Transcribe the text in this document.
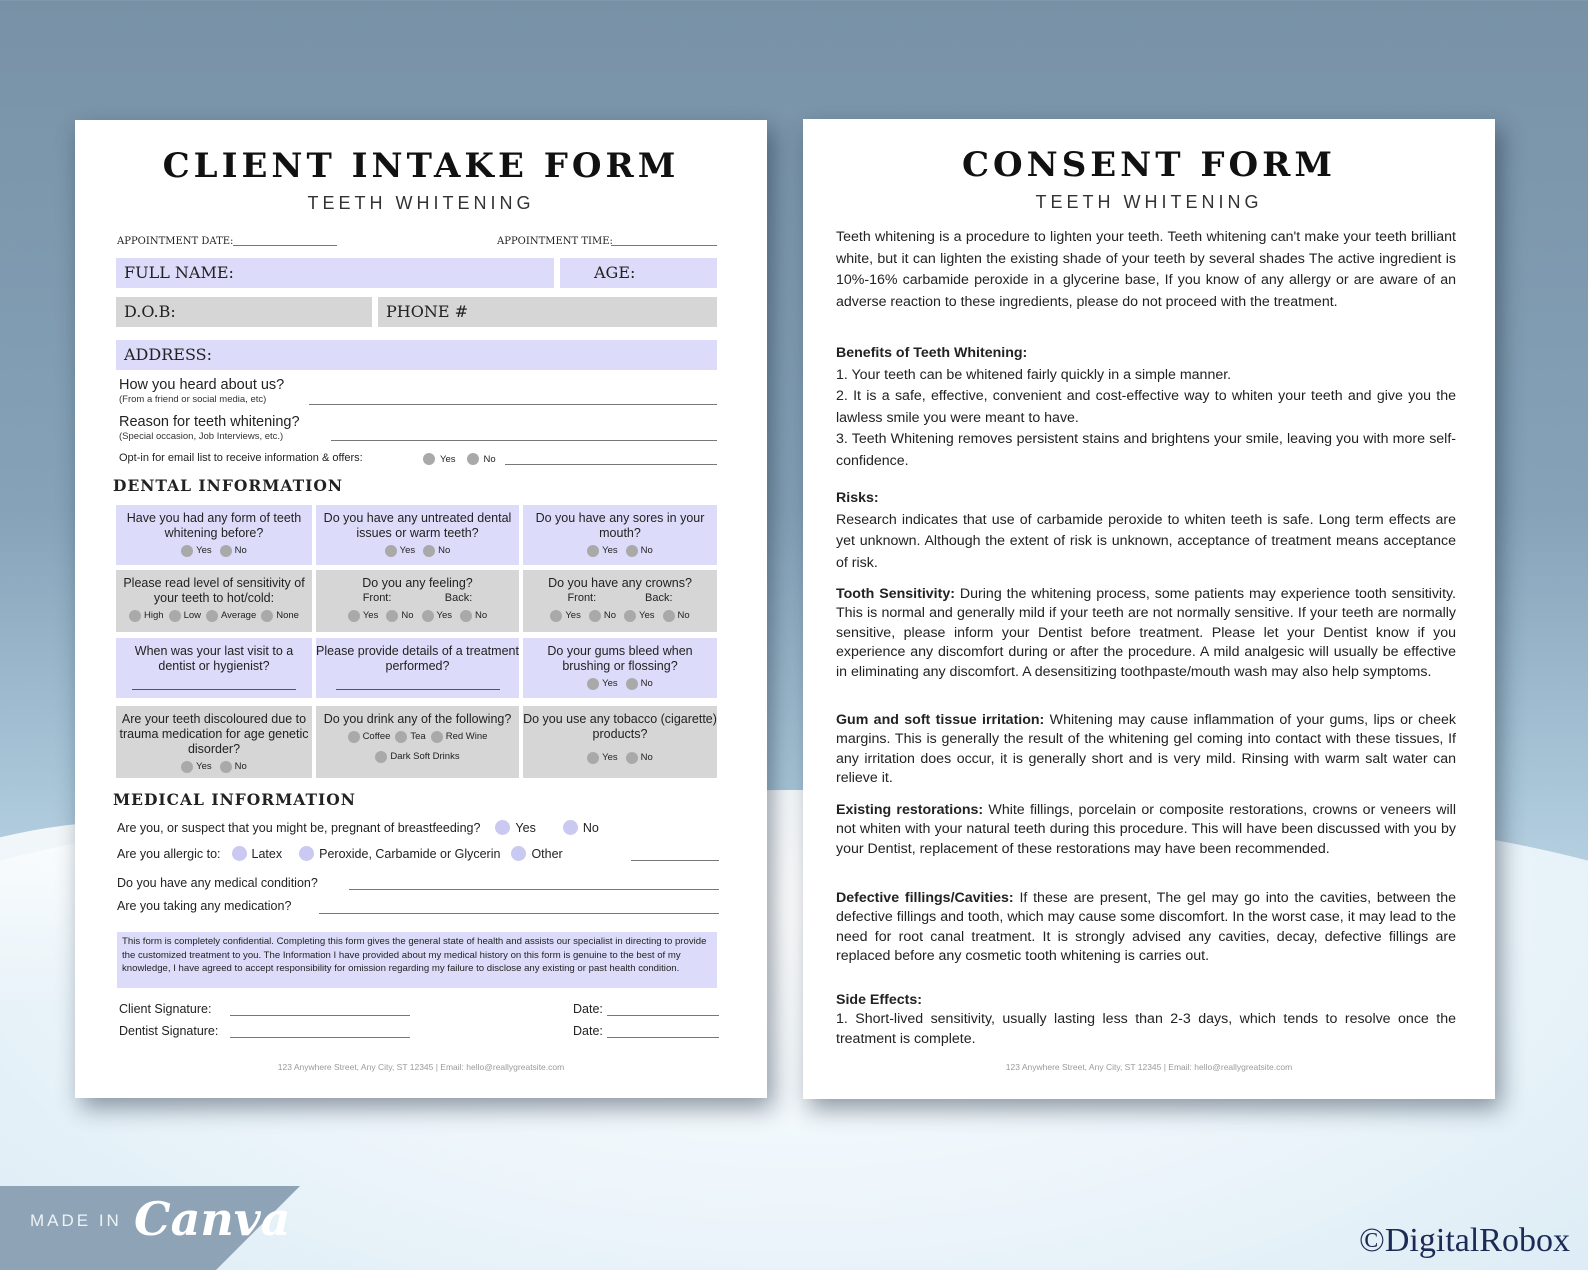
CLIENT INTAKE FORM
TEETH WHITENING
APPOINTMENT DATE:	APPOINTMENT TIME:
FULL NAME:	AGE:
D.O.B:	PHONE #
ADDRESS:
How you heard about us?
(From a friend or social media, etc)
Reason for teeth whitening?
(Special occasion, Job Interviews, etc.)
Opt-in for email list to receive information & offers:	Yes	No
DENTAL INFORMATION
Have you had any form of teeth whitening before?
Yes No
Do you have any untreated dental issues or warm teeth?
Yes No
Do you have any sores in your mouth?
Yes No
Please read level of sensitivity of your teeth to hot/cold:
High Low Average None
Do you any feeling?
Front:	Back:
Yes No Yes No
Do you have any crowns?
Front:	Back:
Yes No Yes No
When was your last visit to a dentist or hygienist?
Please provide details of a treatment performed?
Do your gums bleed when brushing or flossing?
Yes No
Are your teeth discoloured due to trauma medication for age genetic disorder?
Yes No
Do you drink any of the following?
Coffee Tea Red Wine
Dark Soft Drinks
Do you use any tobacco (cigarette) products?
Yes No
MEDICAL INFORMATION
Are you, or suspect that you might be, pregnant of breastfeeding?	Yes	No
Are you allergic to: Latex	Peroxide, Carbamide or Glycerin Other
Do you have any medical condition?
Are you taking any medication?
This form is completely confidential. Completing this form gives the general state of health and assists our specialist in directing to provide the customized treatment to you. The Information I have provided about my medical history on this form is genuine to the best of my knowledge, I have agreed to accept responsibility for omission regarding my failure to disclose any existing or past health condition.
Client Signature:	Date:
Dentist Signature:	Date:
123 Anywhere Street, Any City, ST 12345 | Email: hello@reallygreatsite.com
CONSENT FORM
TEETH WHITENING
Teeth whitening is a procedure to lighten your teeth. Teeth whitening can't make your teeth brilliant white, but it can lighten the existing shade of your teeth by several shades The active ingredient is 10%-16% carbamide peroxide in a glycerine base, If you know of any allergy or are aware of an adverse reaction to these ingredients, please do not proceed with the treatment.
Benefits of Teeth Whitening:
1. Your teeth can be whitened fairly quickly in a simple manner.
2. It is a safe, effective, convenient and cost-effective way to whiten your teeth and give you the lawless smile you were meant to have.
3. Teeth Whitening removes persistent stains and brightens your smile, leaving you with more self-confidence.
Risks:
Research indicates that use of carbamide peroxide to whiten teeth is safe. Long term effects are yet unknown. Although the extent of risk is unknown, acceptance of treatment means acceptance of risk.
Tooth Sensitivity: During the whitening process, some patients may experience tooth sensitivity. This is normal and generally mild if your teeth are not normally sensitive. If your teeth are normally sensitive, please inform your Dentist before treatment. Please let your Dentist know if you experience any discomfort during or after the procedure. A mild analgesic will usually be effective in eliminating any discomfort. A desensitizing toothpaste/mouth wash may also help symptoms.
Gum and soft tissue irritation: Whitening may cause inflammation of your gums, lips or cheek margins. This is generally the result of the whitening gel coming into contact with these tissues, If any irritation does occur, it is generally short and is very mild. Rinsing with warm salt water can relieve it.
Existing restorations: White fillings, porcelain or composite restorations, crowns or veneers will not whiten with your natural teeth during this procedure. This will have been discussed with you by your Dentist, replacement of these restorations may have been recommended.
Defective fillings/Cavities: If these are present, The gel may go into the cavities, between the defective fillings and tooth, which may cause some discomfort. In the worst case, it may lead to the need for root canal treatment. It is strongly advised any cavities, decay, defective fillings are replaced before any cosmetic tooth whitening is carries out.
Side Effects:
1. Short-lived sensitivity, usually lasting less than 2-3 days, which tends to resolve once the treatment is complete.
123 Anywhere Street, Any City, ST 12345 | Email: hello@reallygreatsite.com
MADE IN Canva	©DigitalRobox
